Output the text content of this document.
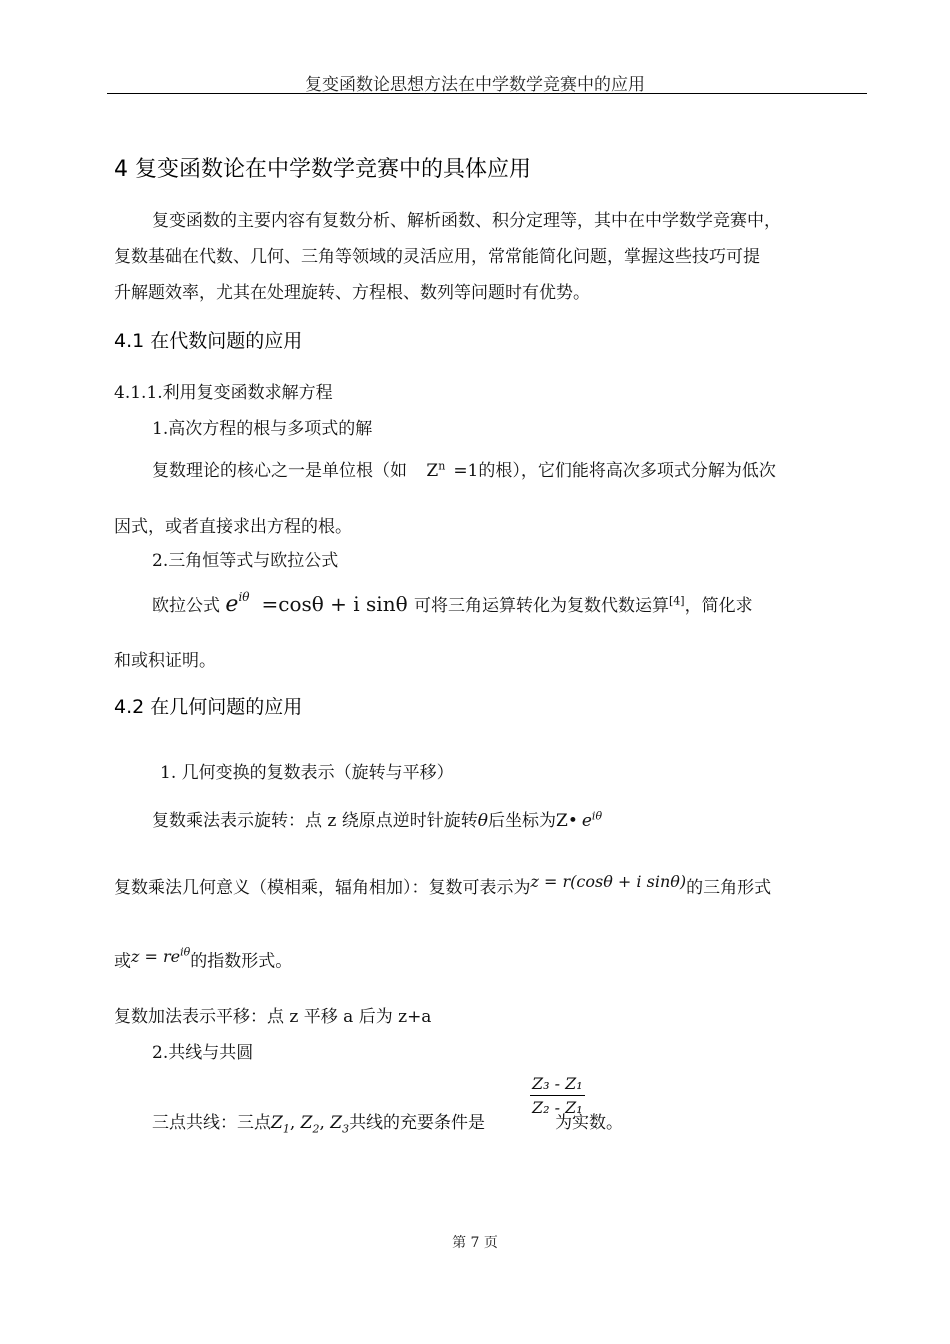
复变函数论思想方法在中学数学竞赛中的应用
4 复变函数论在中学数学竞赛中的具体应用
复变函数的主要内容有复数分析、解析函数、积分定理等，其中在中学数学竞赛中，
复数基础在代数、几何、三角等领域的灵活应用，常常能简化问题，掌握这些技巧可提
升解题效率，尤其在处理旋转、方程根、数列等问题时有优势。
4.1 在代数问题的应用
4.1.1.利用复变函数求解方程
1.高次方程的根与多项式的解
复数理论的核心之一是单位根（如 $Z^n =1$的根），它们能将高次多项式分解为低次
因式，或者直接求出方程的根。
2.三角恒等式与欧拉公式
欧拉公式 $e^{i\theta} =\cos\theta + i$ sinθ 可将三角运算转化为复数代数运算[4]，简化求
和或积证明。
4.2 在几何问题的应用
1. 几何变换的复数表示（旋转与平移）
复数乘法表示旋转：点 z 绕原点逆时针旋转θ后坐标为Z• $e^{i\theta}$
复数乘法几何意义（模相乘，辐角相加）：复数可表示为z = r(cosθ + i sinθ)的三角形式
或$z = re^{i\theta}$的指数形式。
复数加法表示平移：点 z 平移 a 后为 z+a
2.共线与共圆
三点共线：三点$Z_1$, $Z_2$, $Z_3$共线的充要条件是	为实数。
Z₃ - Z₁
Z₂ - Z₁
第 7 页
